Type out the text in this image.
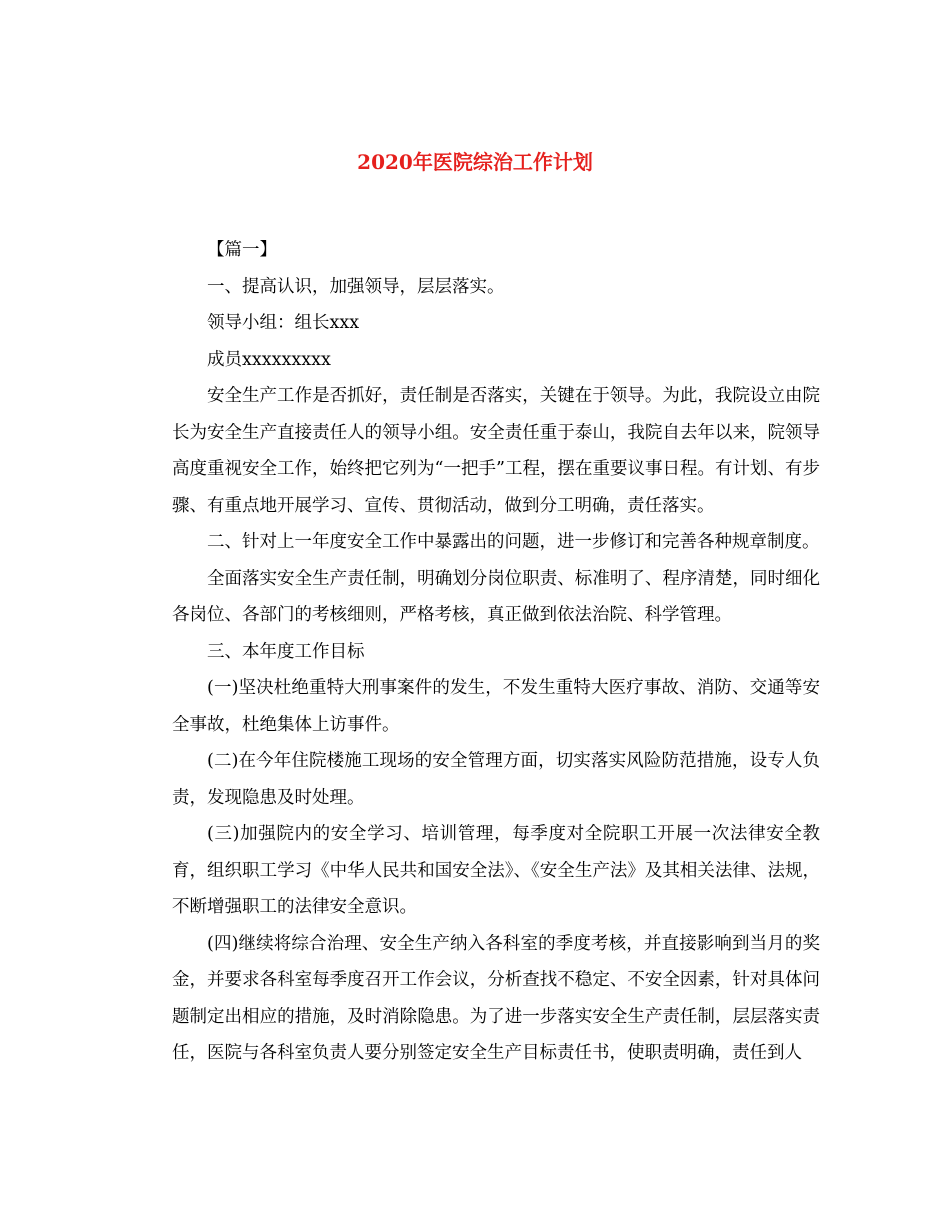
2020年医院综治工作计划

【篇一】

一、提高认识，加强领导，层层落实。

领导小组：组长xxx

成员xxxxxxxxx

安全生产工作是否抓好，责任制是否落实，关键在于领导。为此，我院设立由院长为安全生产直接责任人的领导小组。安全责任重于泰山，我院自去年以来，院领导高度重视安全工作，始终把它列为“一把手”工程，摆在重要议事日程。有计划、有步骤、有重点地开展学习、宣传、贯彻活动，做到分工明确，责任落实。

二、针对上一年度安全工作中暴露出的问题，进一步修订和完善各种规章制度。

全面落实安全生产责任制，明确划分岗位职责、标准明了、程序清楚，同时细化各岗位、各部门的考核细则，严格考核，真正做到依法治院、科学管理。

三、本年度工作目标

(一)坚决杜绝重特大刑事案件的发生，不发生重特大医疗事故、消防、交通等安全事故，杜绝集体上访事件。

(二)在今年住院楼施工现场的安全管理方面，切实落实风险防范措施，设专人负责，发现隐患及时处理。

(三)加强院内的安全学习、培训管理，每季度对全院职工开展一次法律安全教育，组织职工学习《中华人民共和国安全法》、《安全生产法》及其相关法律、法规，不断增强职工的法律安全意识。

(四)继续将综合治理、安全生产纳入各科室的季度考核，并直接影响到当月的奖金，并要求各科室每季度召开工作会议，分析查找不稳定、不安全因素，针对具体问题制定出相应的措施，及时消除隐患。为了进一步落实安全生产责任制，层层落实责任，医院与各科室负责人要分别签定安全生产目标责任书，使职责明确，责任到人
